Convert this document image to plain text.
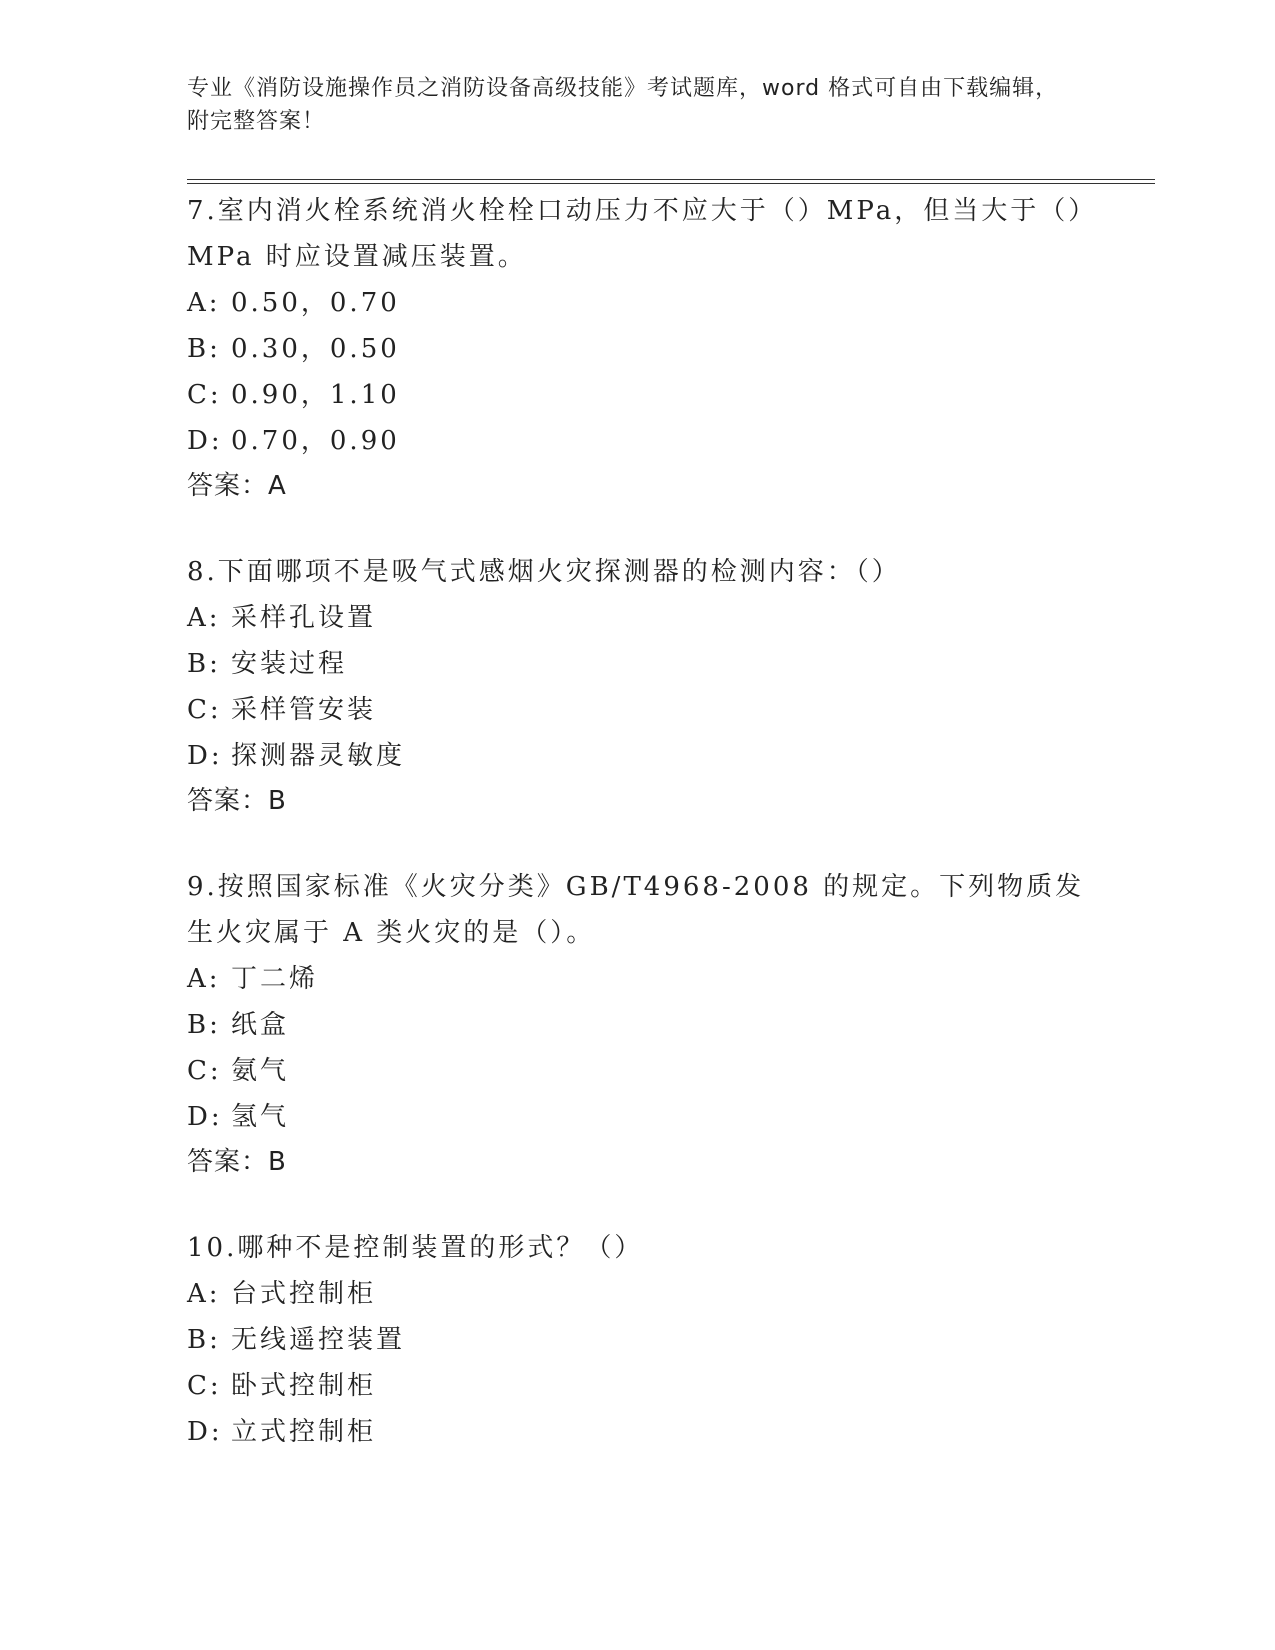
专业《消防设施操作员之消防设备高级技能》考试题库，word 格式可自由下载编辑，附完整答案！

7.室内消火栓系统消火栓栓口动压力不应大于（）MPa，但当大于（）MPa 时应设置减压装置。

A: 0.50，0.70
B: 0.30，0.50
C: 0.90，1.10
D: 0.70，0.90
答案：A

8.下面哪项不是吸气式感烟火灾探测器的检测内容：（）

A: 采样孔设置
B: 安装过程
C: 采样管安装
D: 探测器灵敏度
答案：B

9.按照国家标准《火灾分类》GB/T4968-2008 的规定。下列物质发生火灾属于 A 类火灾的是（）。

A: 丁二烯
B: 纸盒
C: 氨气
D: 氢气
答案：B

10.哪种不是控制装置的形式？（）

A: 台式控制柜
B: 无线遥控装置
C: 卧式控制柜
D: 立式控制柜
